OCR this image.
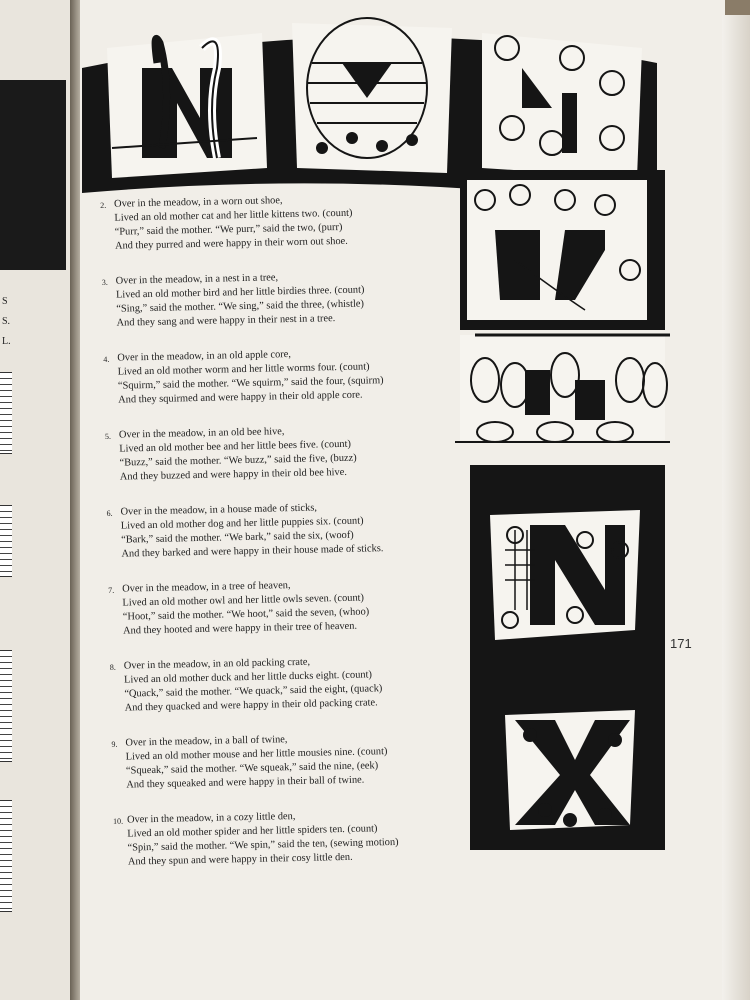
S
S.
L.
2. Over in the meadow, in a worn out shoe,
Lived an old mother cat and her little kittens two. (count)
“Purr,” said the mother. “We purr,” said the two, (purr)
And they purred and were happy in their worn out shoe.
3. Over in the meadow, in a nest in a tree,
Lived an old mother bird and her little birdies three. (count)
“Sing,” said the mother. “We sing,” said the three, (whistle)
And they sang and were happy in their nest in a tree.
4. Over in the meadow, in an old apple core,
Lived an old mother worm and her little worms four. (count)
“Squirm,” said the mother. “We squirm,” said the four, (squirm)
And they squirmed and were happy in their old apple core.
5. Over in the meadow, in an old bee hive,
Lived an old mother bee and her little bees five. (count)
“Buzz,” said the mother. “We buzz,” said the five, (buzz)
And they buzzed and were happy in their old bee hive.
6. Over in the meadow, in a house made of sticks,
Lived an old mother dog and her little puppies six. (count)
“Bark,” said the mother. “We bark,” said the six, (woof)
And they barked and were happy in their house made of sticks.
7. Over in the meadow, in a tree of heaven,
Lived an old mother owl and her little owls seven. (count)
“Hoot,” said the mother. “We hoot,” said the seven, (whoo)
And they hooted and were happy in their tree of heaven.
8. Over in the meadow, in an old packing crate,
Lived an old mother duck and her little ducks eight. (count)
“Quack,” said the mother. “We quack,” said the eight, (quack)
And they quacked and were happy in their old packing crate.
9. Over in the meadow, in a ball of twine,
Lived an old mother mouse and her little mousies nine. (count)
“Squeak,” said the mother. “We squeak,” said the nine, (eek)
And they squeaked and were happy in their ball of twine.
10. Over in the meadow, in a cozy little den,
Lived an old mother spider and her little spiders ten. (count)
“Spin,” said the mother. “We spin,” said the ten, (sewing motion)
And they spun and were happy in their cosy little den.
171
